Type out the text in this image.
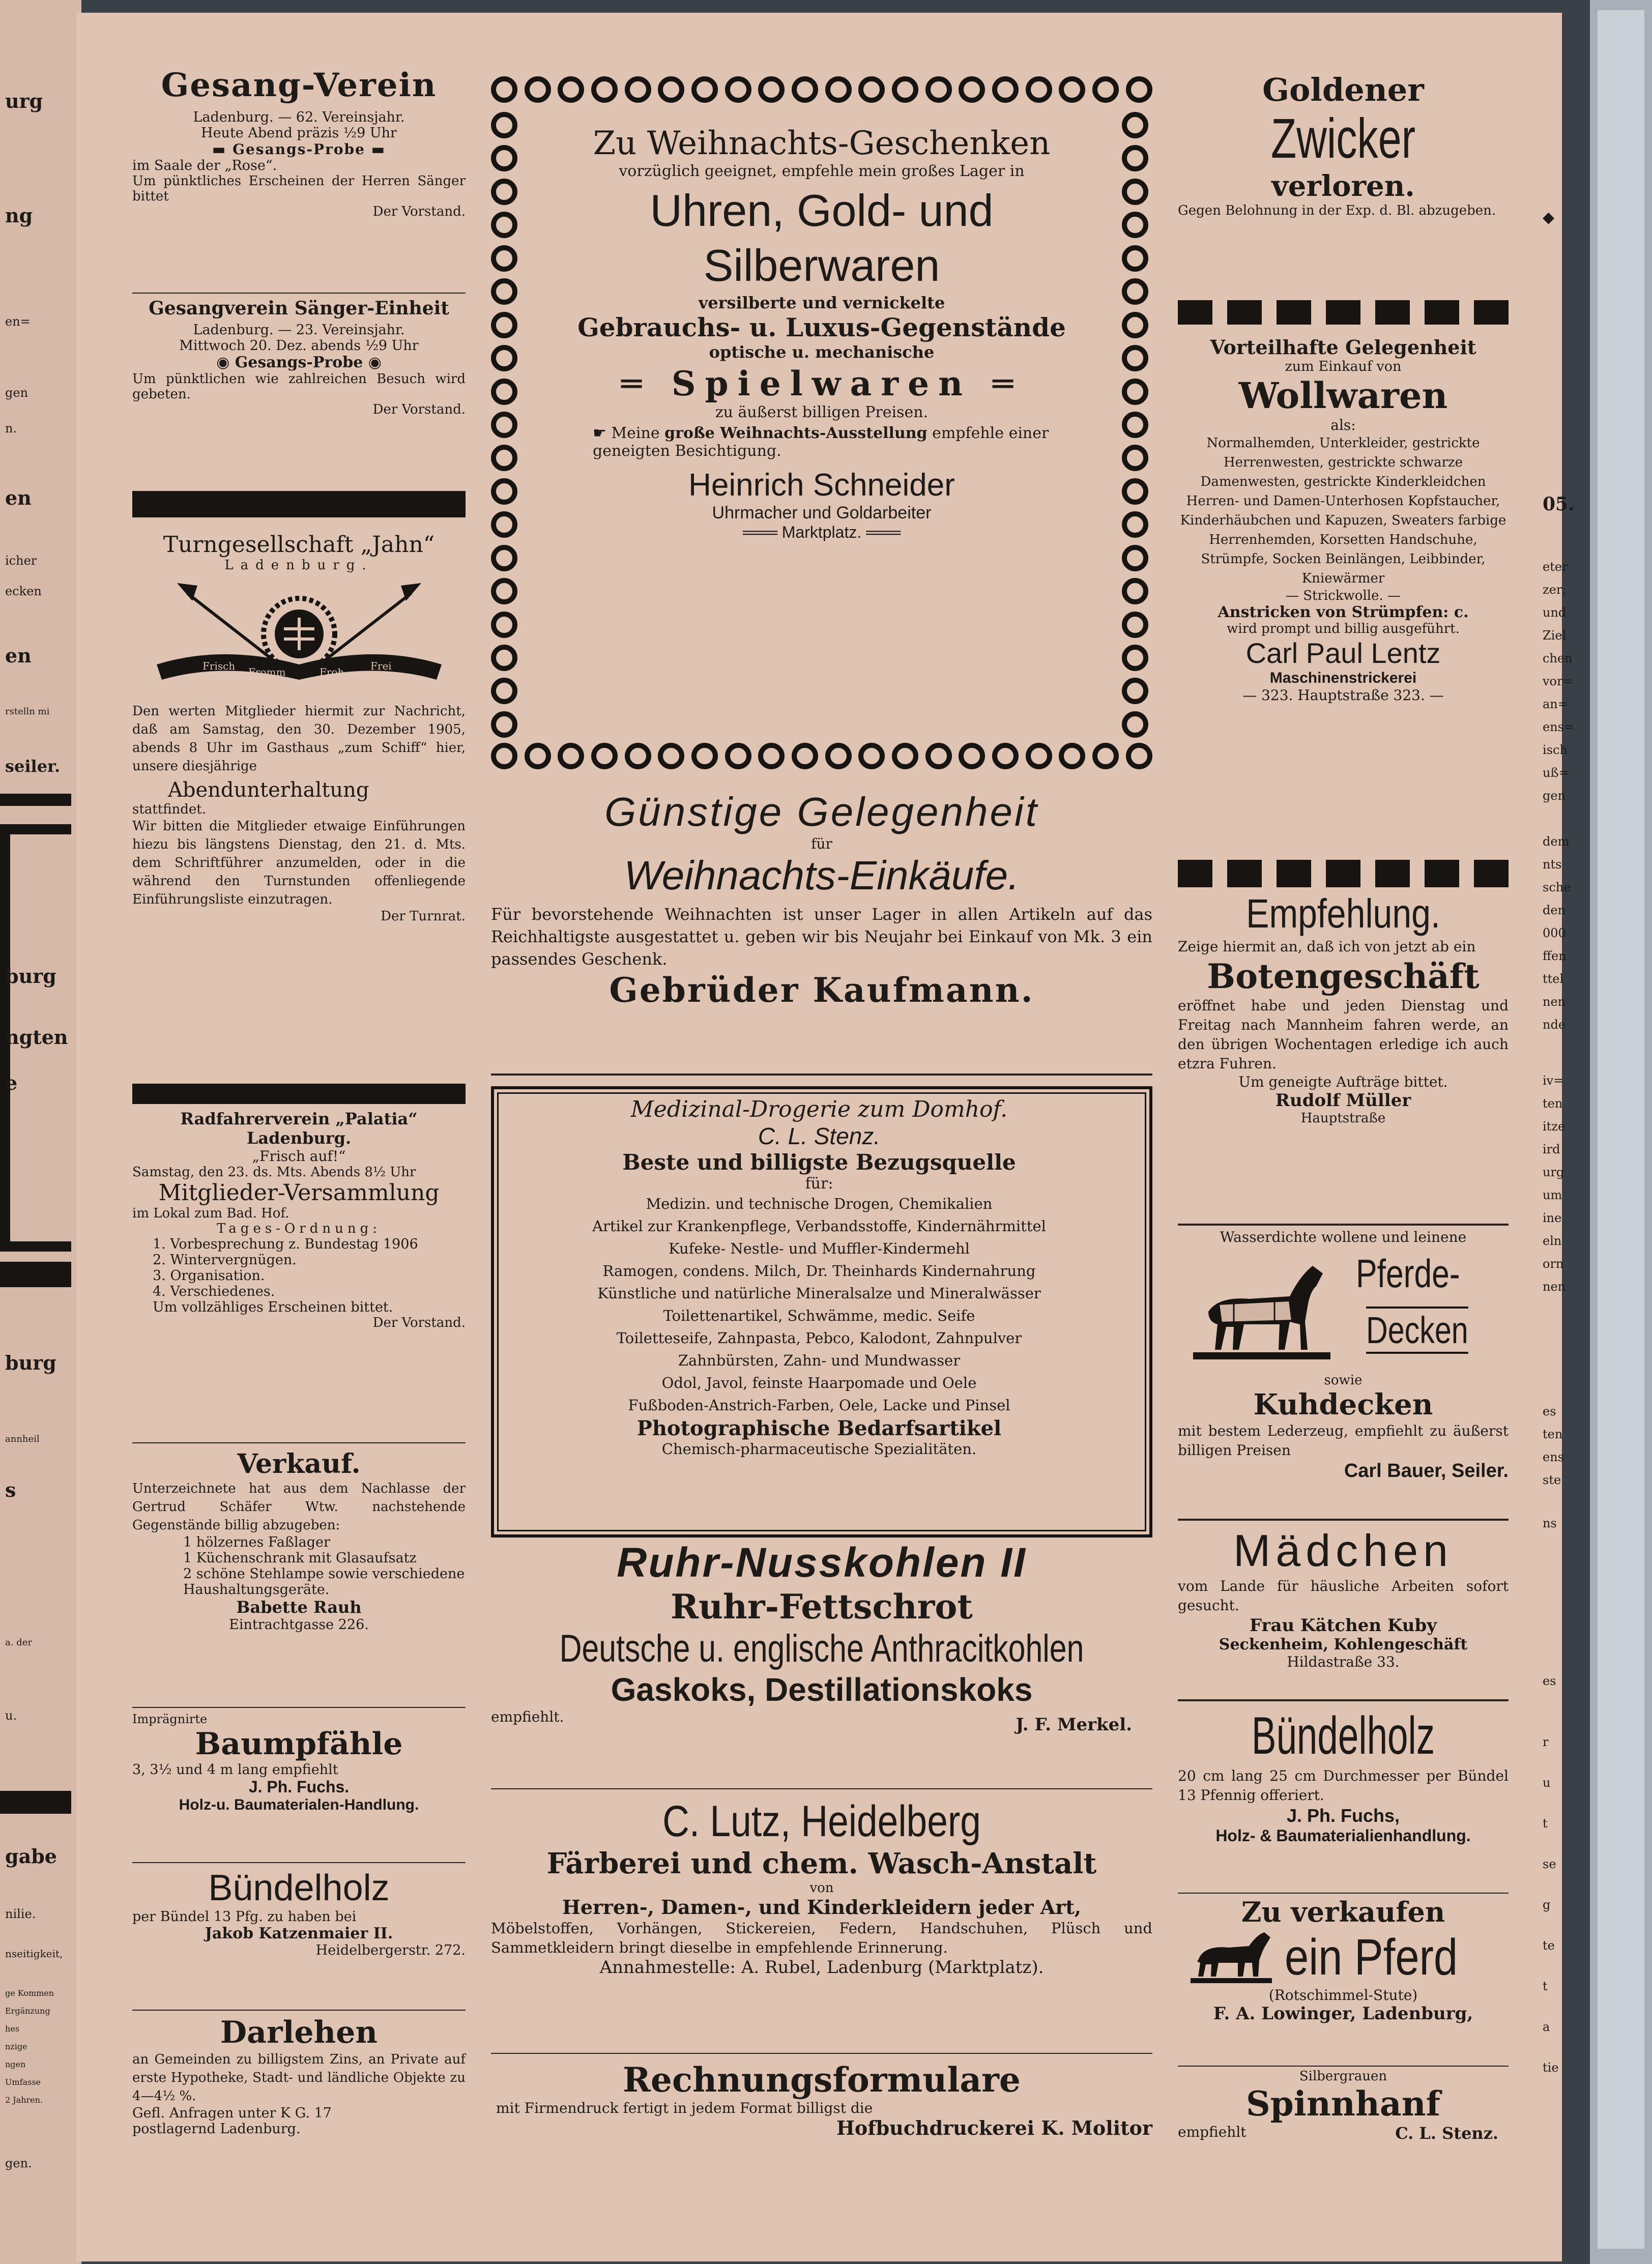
urg
ng
en=
gen
n.
en
icher
ecken
en
rstelln mi
seiler.
burg
ngten
e
burg
annheil
s
a. der
u.
gabe
nilie.
nseitigkeit,
ge Kommen
Ergänzung
hes
nzige
ngen
Umfasse
2 Jahren.
gen.
◆
05.
eter
zer;
und
Ziel
chen
vor=
an=
ens=
isch
uß=
gen
dem
nts
sche
den
000
ffen
ttel
nen
nde
iv=
ten
itze
ird
urg
um
ine
eln
orn
nen
es
ten
ens
ste
ns
es
r
u
t
se
g
te
t
a
tie
Gesang-Verein
Ladenburg. — 62. Vereinsjahr.
Heute Abend präzis ½9 Uhr
▬ Gesangs-Probe ▬
im Saale der „Rose“.
Um pünktliches Erscheinen der Herren Sänger bittet
Der Vorstand.
Gesangverein Sänger-Einheit
Ladenburg. — 23. Vereinsjahr.
Mittwoch 20. Dez. abends ½9 Uhr
◉ Gesangs-Probe ◉
Um pünktlichen wie zahlreichen Besuch wird gebeten.
Der Vorstand.
Turngesellschaft „Jahn“
Ladenburg.
Frisch Fromm	Froh	Frei
Den werten Mitglieder hiermit zur Nachricht, daß am Samstag, den 30. Dezember 1905, abends 8 Uhr im Gasthaus „zum Schiff“ hier, unsere diesjährige
Abendunterhaltung
stattfindet.
Wir bitten die Mitglieder etwaige Einführungen hiezu bis längstens Dienstag, den 21. d. Mts. dem Schriftführer anzumelden, oder in die während den Turnstunden offenliegende Einführungsliste einzutragen.
Der Turnrat.
Radfahrerverein „Palatia“ Ladenburg.
„Frisch auf!“
Samstag, den 23. ds. Mts. Abends 8½ Uhr
Mitglieder-Versammlung
im Lokal zum Bad. Hof.
Tages-Ordnung:
1. Vorbesprechung z. Bundestag 1906
2. Wintervergnügen.
3. Organisation.
4. Verschiedenes.
Um vollzähliges Erscheinen bittet.
Der Vorstand.
Verkauf.
Unterzeichnete hat aus dem Nachlasse der Gertrud Schäfer Wtw. nachstehende Gegenstände billig abzugeben:
1 hölzernes Faßlager
1 Küchenschrank mit Glasaufsatz
2 schöne Stehlampe sowie verschiedene Haushaltungsgeräte.
Babette Rauh
Eintrachtgasse 226.
Imprägnirte
Baumpfähle
3, 3½ und 4 m lang empfiehlt
J. Ph. Fuchs.
Holz-u. Baumaterialen-Handlung.
Bündelholz
per Bündel 13 Pfg. zu haben bei
Jakob Katzenmaier II.
Heidelbergerstr. 272.
Darlehen
an Gemeinden zu billigstem Zins, an Private auf erste Hypotheke, Stadt- und ländliche Objekte zu 4—4½ %.
Gefl. Anfragen unter K G. 17
postlagernd Ladenburg.
Zu Weihnachts-Geschenken
vorzüglich geeignet, empfehle mein großes Lager in
Uhren, Gold- und
Silberwaren
versilberte und vernickelte
Gebrauchs- u. Luxus-Gegenstände
optische u. mechanische
═ Spielwaren ═
zu äußerst billigen Preisen.
☛ Meine große Weihnachts-Ausstellung empfehle einer geneigten Besichtigung.
Heinrich Schneider
Uhrmacher und Goldarbeiter
═══ Marktplatz. ═══
Günstige Gelegenheit
für
Weihnachts-Einkäufe.
Für bevorstehende Weihnachten ist unser Lager in allen Artikeln auf das Reichhaltigste ausgestattet u. geben wir bis Neujahr bei Einkauf von Mk. 3 ein passendes Geschenk.
Gebrüder Kaufmann.
Medizinal-Drogerie zum Domhof.
C. L. Stenz.
Beste und billigste Bezugsquelle
für:
Medizin. und technische Drogen, Chemikalien
Artikel zur Krankenpflege, Verbandsstoffe, Kindernährmittel
Kufeke- Nestle- und Muffler-Kindermehl
Ramogen, condens. Milch, Dr. Theinhards Kindernahrung
Künstliche und natürliche Mineralsalze und Mineralwässer
Toilettenartikel, Schwämme, medic. Seife
Toiletteseife, Zahnpasta, Pebco, Kalodont, Zahnpulver
Zahnbürsten, Zahn- und Mundwasser
Odol, Javol, feinste Haarpomade und Oele
Fußboden-Anstrich-Farben, Oele, Lacke und Pinsel
Photographische Bedarfsartikel
Chemisch-pharmaceutische Spezialitäten.
Ruhr-Nusskohlen II
Ruhr-Fettschrot
Deutsche u. englische Anthracitkohlen
Gaskoks, Destillationskoks
empfiehlt.	J. F. Merkel.
C. Lutz, Heidelberg
Färberei und chem. Wasch-Anstalt
von
Herren-, Damen-, und Kinderkleidern jeder Art,
Möbelstoffen, Vorhängen, Stickereien, Federn, Handschuhen, Plüsch und Sammetkleidern bringt dieselbe in empfehlende Erinnerung.
Annahmestelle: A. Rubel, Ladenburg (Marktplatz).
Rechnungsformulare
mit Firmendruck fertigt in jedem Format billigst die
Hofbuchdruckerei K. Molitor
Goldener
Zwicker
verloren.
Gegen Belohnung in der Exp. d. Bl. abzugeben.
Vorteilhafte Gelegenheit
zum Einkauf von
Wollwaren
als:
Normalhemden, Unterkleider, gestrickte Herrenwesten, gestrickte schwarze Damenwesten, gestrickte Kinderkleidchen Herren- und Damen-Unterhosen Kopfstaucher, Kinderhäubchen und Kapuzen, Sweaters farbige Herrenhemden, Korsetten Handschuhe, Strümpfe, Socken Beinlängen, Leibbinder, Kniewärmer
— Strickwolle. —
Anstricken von Strümpfen: c.
wird prompt und billig ausgeführt.
Carl Paul Lentz
Maschinenstrickerei
— 323. Hauptstraße 323. —
Empfehlung.
Zeige hiermit an, daß ich von jetzt ab ein
Botengeschäft
eröffnet habe und jeden Dienstag und Freitag nach Mannheim fahren werde, an den übrigen Wochentagen erledige ich auch etzra Fuhren.
Um geneigte Aufträge bittet.
Rudolf Müller
Hauptstraße
Wasserdichte wollene und leinene
Pferde-
Decken
sowie
Kuhdecken
mit bestem Lederzeug, empfiehlt zu äußerst billigen Preisen
Carl Bauer, Seiler.
Mädchen
vom Lande für häusliche Arbeiten sofort gesucht.
Frau Kätchen Kuby
Seckenheim, Kohlengeschäft
Hildastraße 33.
Bündelholz
20 cm lang 25 cm Durchmesser per Bündel 13 Pfennig offeriert.
J. Ph. Fuchs,
Holz- & Baumaterialienhandlung.
Zu verkaufen
ein Pferd
(Rotschimmel-Stute)
F. A. Lowinger, Ladenburg,
Silbergrauen
Spinnhanf
empfiehlt	C. L. Stenz.
